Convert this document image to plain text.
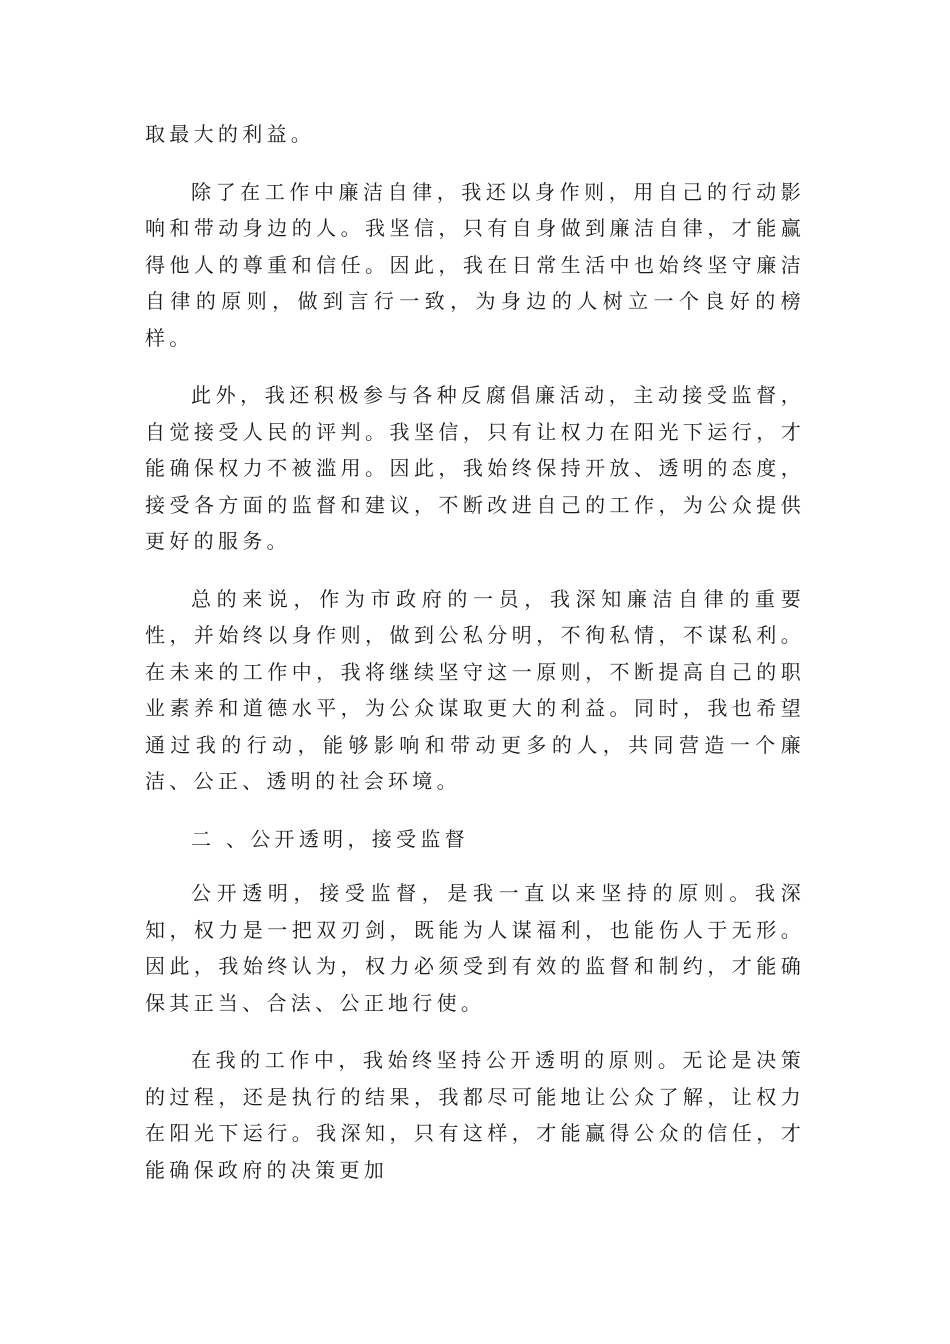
取最大的利益。

除了在工作中廉洁自律，我还以身作则，用自己的行动影响和带动身边的人。我坚信，只有自身做到廉洁自律，才能赢得他人的尊重和信任。因此，我在日常生活中也始终坚守廉洁自律的原则，做到言行一致，为身边的人树立一个良好的榜样。

此外，我还积极参与各种反腐倡廉活动，主动接受监督，自觉接受人民的评判。我坚信，只有让权力在阳光下运行，才能确保权力不被滥用。因此，我始终保持开放、透明的态度，接受各方面的监督和建议，不断改进自己的工作，为公众提供更好的服务。

总的来说，作为市政府的一员，我深知廉洁自律的重要性，并始终以身作则，做到公私分明，不徇私情，不谋私利。在未来的工作中，我将继续坚守这一原则，不断提高自己的职业素养和道德水平，为公众谋取更大的利益。同时，我也希望通过我的行动，能够影响和带动更多的人，共同营造一个廉洁、公正、透明的社会环境。

二 、公开透明，接受监督

公开透明，接受监督，是我一直以来坚持的原则。我深知，权力是一把双刃剑，既能为人谋福利，也能伤人于无形。因此，我始终认为，权力必须受到有效的监督和制约，才能确保其正当、合法、公正地行使。

在我的工作中，我始终坚持公开透明的原则。无论是决策的过程，还是执行的结果，我都尽可能地让公众了解，让权力在阳光下运行。我深知，只有这样，才能赢得公众的信任，才能确保政府的决策更加
